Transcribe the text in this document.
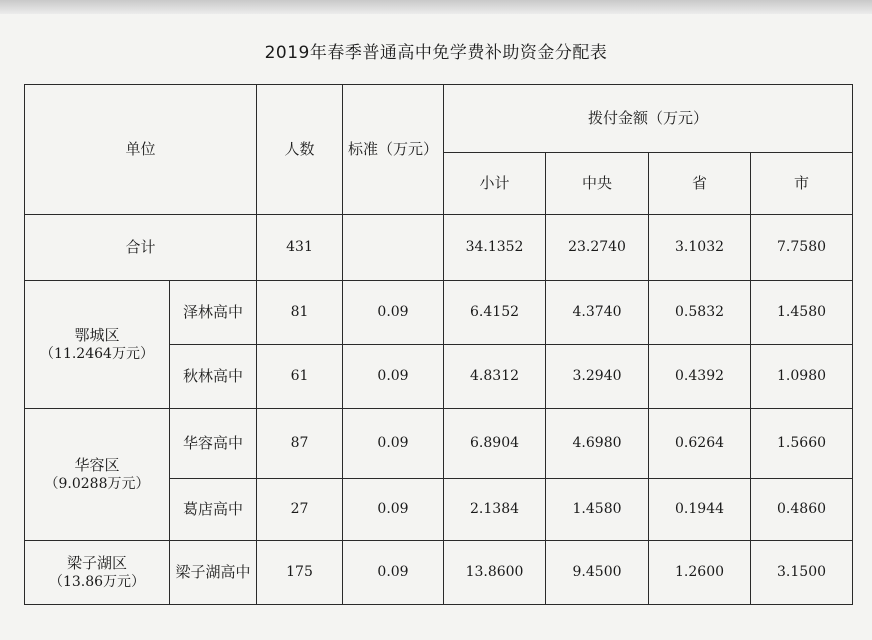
2019年春季普通高中免学费补助资金分配表
单位		人数	标准（万元）	拨付金额（万元）			
				小计	中央	省	市
合计		431		34.1352	23.2740	3.1032	7.7580

鄂城区
（11.2464万元）	泽林高中	81	0.09	6.4152	4.3740	0.5832	1.4580
	秋林高中	61	0.09	4.8312	3.2940	0.4392	1.0980

华容区
（9.0288万元）	华容高中	87	0.09	6.8904	4.6980	0.6264	1.5660
	葛店高中	27	0.09	2.1384	1.4580	0.1944	0.4860

梁子湖区
（13.86万元）	梁子湖高中	175	0.09	13.8600	9.4500	1.2600	3.1500
